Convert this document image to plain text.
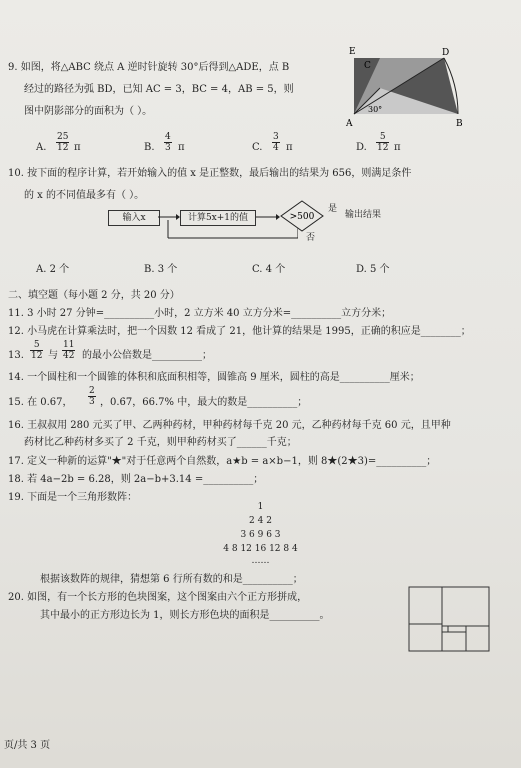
9. 如图，将△ABC 绕点 A 逆时针旋转 30°后得到△ADE，点 B
经过的路径为弧 BD，已知 AC = 3，BC = 4，AB = 5，则
图中阴影部分的面积为（ ）。
A. $\frac{25}{12}$ π	B. $\frac{4}{3}$ π	C. $\frac{3}{4}$ π	D. $\frac{5}{12}$ π
E
C
D
A	B
30°
10. 按下面的程序计算，若开始输入的值 x 是正整数，最后输出的结果为 656，则满足条件
的 x 的不同值最多有（ ）。
输入x	计算5x+1的值	>500
是
输出结果
否
A. 2 个	B. 3 个	C. 4 个	D. 5 个
二、填空题（每小题 2 分，共 20 分）
11. 3 小时 27 分钟=__________小时，2 立方米 40 立方分米=__________立方分米；
12. 小马虎在计算乘法时，把一个因数 12 看成了 21，他计算的结果是 1995，正确的积应是________；
13. $\frac{5}{12}$ 与 $\frac{11}{42}$ 的最小公倍数是__________；
14. 一个圆柱和一个圆锥的体积和底面积相等，圆锥高 9 厘米，圆柱的高是__________厘米；
15. 在 0.67， $\frac{2}{3}$ ，0.6̇7̇，66.7% 中，最大的数是__________；
16. 王叔叔用 280 元买了甲、乙两种药材，甲种药材每千克 20 元，乙种药材每千克 60 元，且甲种
药材比乙种药材多买了 2 千克，则甲种药材买了______千克；
17. 定义一种新的运算"★"对于任意两个自然数，a★b = a×b−1，则 8★(2★3)=__________；
18. 若 4a−2b = 6.28，则 2a−b+3.14 =__________；
19. 下面是一个三角形数阵：
1
2 4 2
3 6 9 6 3
4 8 12 16 12 8 4
……
根据该数阵的规律，猜想第 6 行所有数的和是__________；
20. 如图，有一个长方形的色块图案，这个图案由六个正方形拼成，
其中最小的正方形边长为 1，则长方形色块的面积是__________。
页/共 3 页
